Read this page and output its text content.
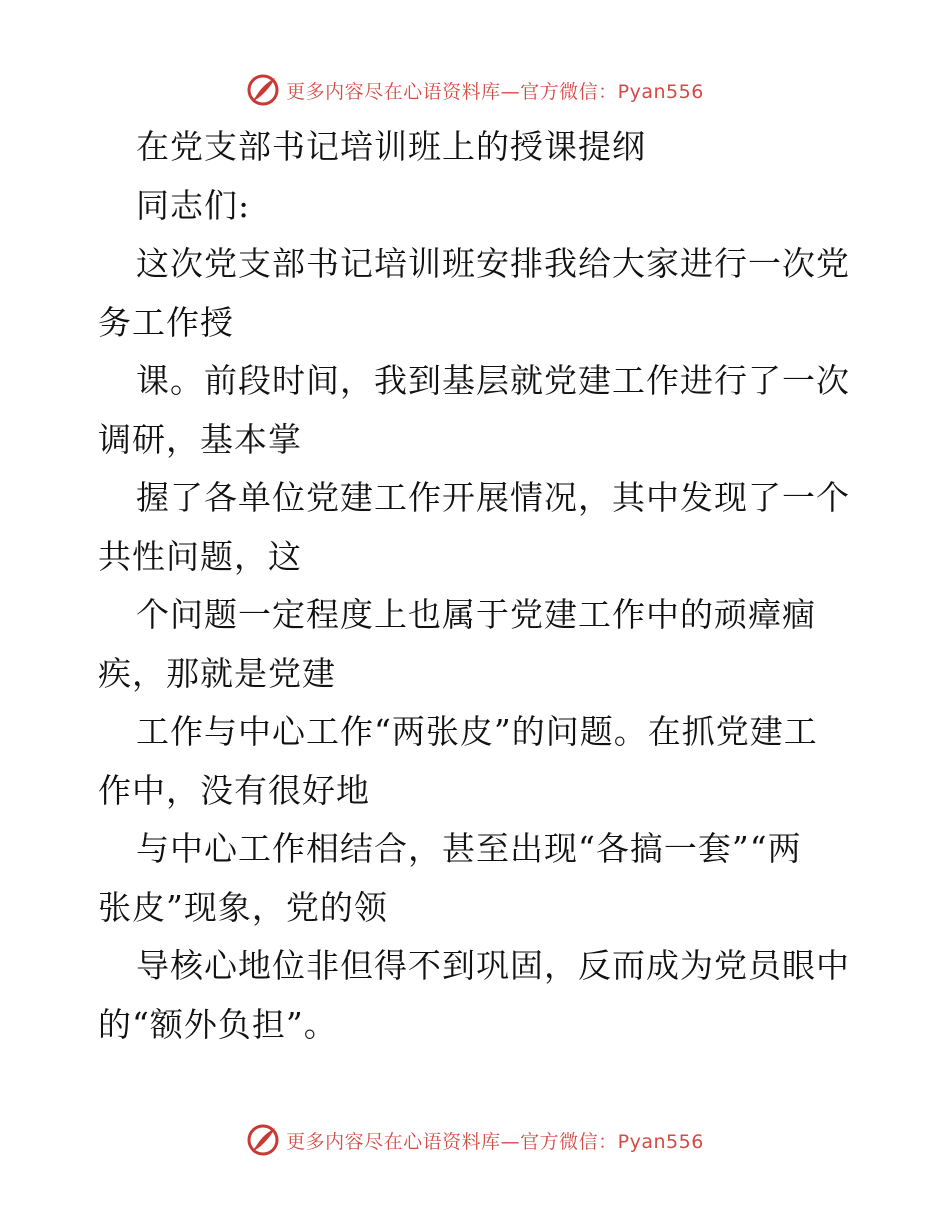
更多内容尽在心语资料库—官方微信：Pyan556
在党支部书记培训班上的授课提纲
同志们:
这次党支部书记培训班安排我给大家进行一次党
务工作授
课。前段时间，我到基层就党建工作进行了一次
调研，基本掌
握了各单位党建工作开展情况，其中发现了一个
共性问题，这
个问题一定程度上也属于党建工作中的顽瘴痼
疾，那就是党建
工作与中心工作“两张皮”的问题。在抓党建工
作中，没有很好地
与中心工作相结合，甚至出现“各搞一套”“两
张皮”现象，党的领
导核心地位非但得不到巩固，反而成为党员眼中
的“额外负担”。
更多内容尽在心语资料库—官方微信：Pyan556
